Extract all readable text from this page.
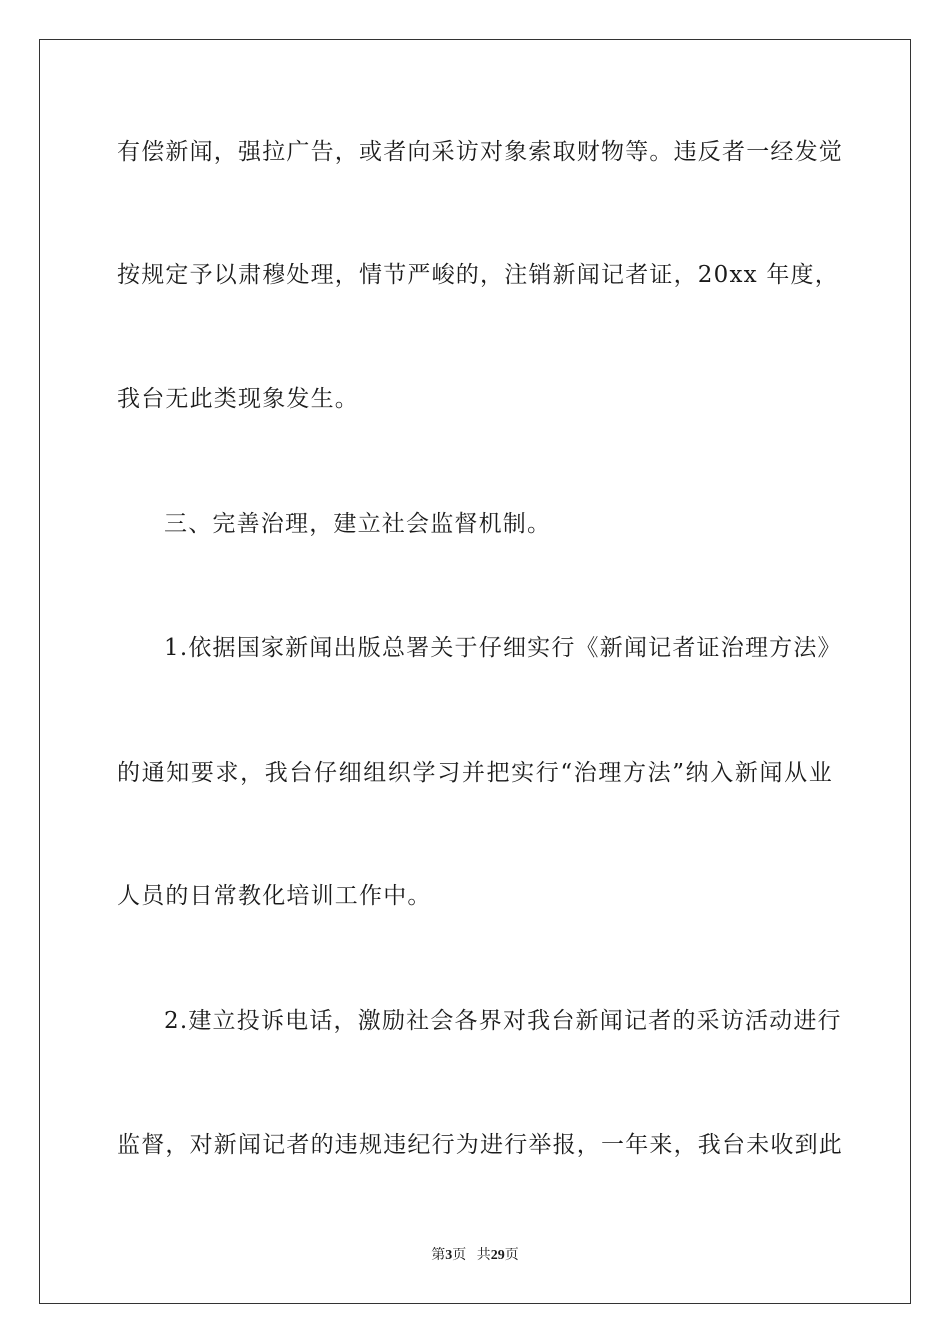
有偿新闻，强拉广告，或者向采访对象索取财物等。违反者一经发觉
按规定予以肃穆处理，情节严峻的，注销新闻记者证，20xx 年度，
我台无此类现象发生。
三、完善治理，建立社会监督机制。
1.依据国家新闻出版总署关于仔细实行《新闻记者证治理方法》
的通知要求，我台仔细组织学习并把实行“治理方法”纳入新闻从业
人员的日常教化培训工作中。
2.建立投诉电话，激励社会各界对我台新闻记者的采访活动进行
监督，对新闻记者的违规违纪行为进行举报，一年来，我台未收到此
第3页 共29页
